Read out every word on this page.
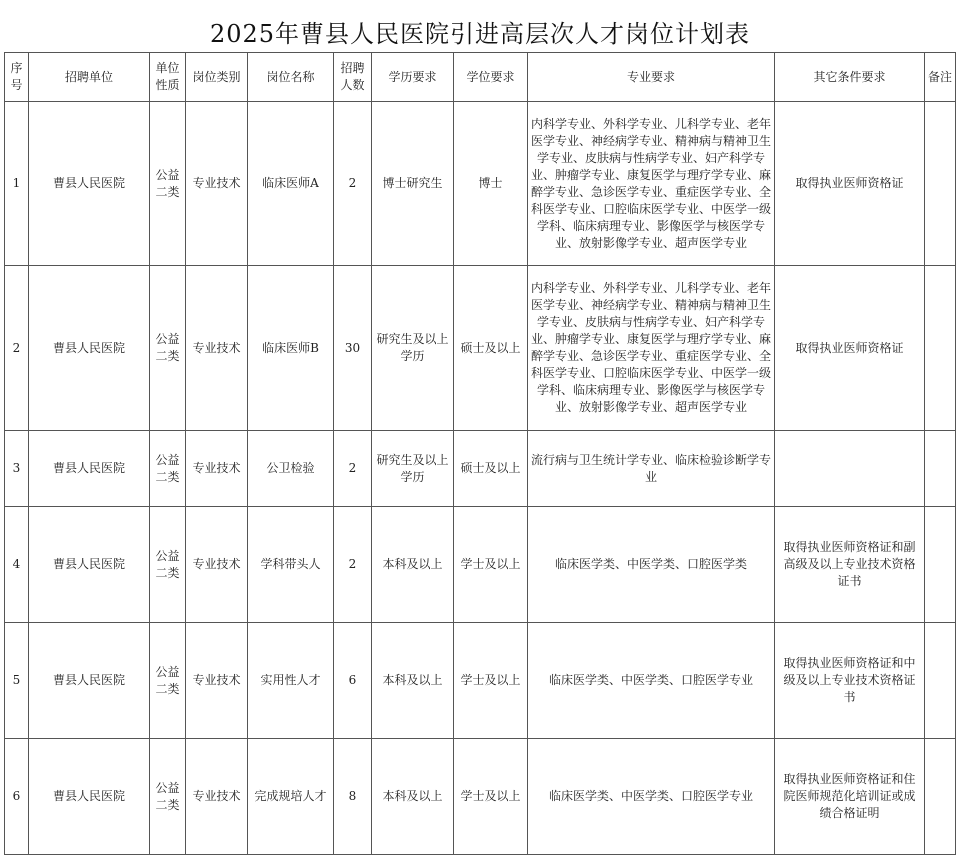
2025年曹县人民医院引进高层次人才岗位计划表
序号	招聘单位	单位性质	岗位类别	岗位名称	招聘人数	学历要求	学位要求	专业要求	其它条件要求	备注
1	曹县人民医院	公益二类	专业技术	临床医师A	2	博士研究生	博士	内科学专业、外科学专业、儿科学专业、老年医学专业、神经病学专业、精神病与精神卫生学专业、皮肤病与性病学专业、妇产科学专业、肿瘤学专业、康复医学与理疗学专业、麻醉学专业、急诊医学专业、重症医学专业、全科医学专业、口腔临床医学专业、中医学一级学科、临床病理专业、影像医学与核医学专业、放射影像学专业、超声医学专业	取得执业医师资格证	
2	曹县人民医院	公益二类	专业技术	临床医师B	30	研究生及以上学历	硕士及以上	内科学专业、外科学专业、儿科学专业、老年医学专业、神经病学专业、精神病与精神卫生学专业、皮肤病与性病学专业、妇产科学专业、肿瘤学专业、康复医学与理疗学专业、麻醉学专业、急诊医学专业、重症医学专业、全科医学专业、口腔临床医学专业、中医学一级学科、临床病理专业、影像医学与核医学专业、放射影像学专业、超声医学专业	取得执业医师资格证	
3	曹县人民医院	公益二类	专业技术	公卫检验	2	研究生及以上学历	硕士及以上	流行病与卫生统计学专业、临床检验诊断学专业		
4	曹县人民医院	公益二类	专业技术	学科带头人	2	本科及以上	学士及以上	临床医学类、中医学类、口腔医学类	取得执业医师资格证和副高级及以上专业技术资格证书	
5	曹县人民医院	公益二类	专业技术	实用性人才	6	本科及以上	学士及以上	临床医学类、中医学类、口腔医学专业	取得执业医师资格证和中级及以上专业技术资格证书	
6	曹县人民医院	公益二类	专业技术	完成规培人才	8	本科及以上	学士及以上	临床医学类、中医学类、口腔医学专业	取得执业医师资格证和住院医师规范化培训证或成绩合格证明	
